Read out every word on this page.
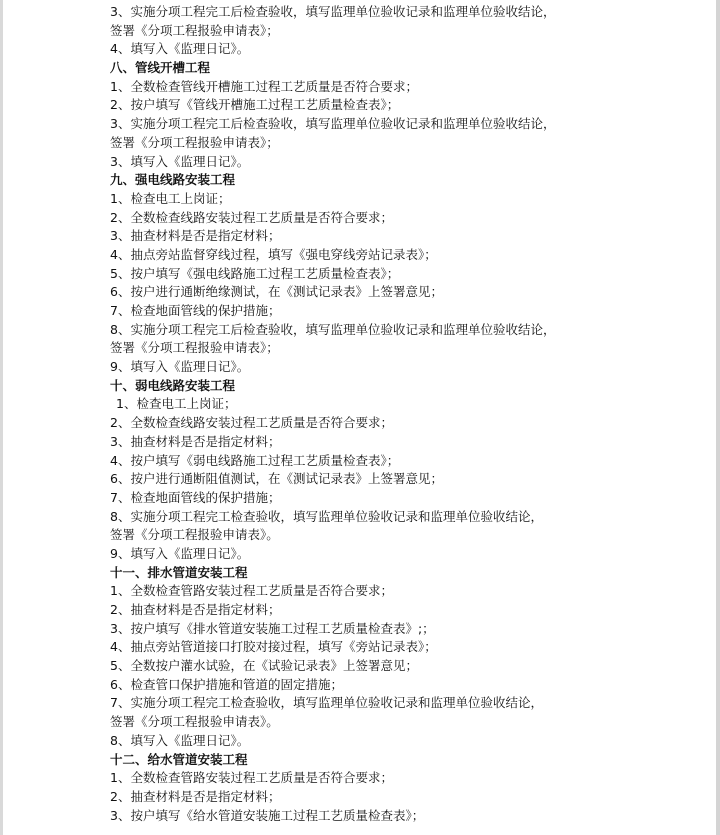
3、实施分项工程完工后检查验收，填写监理单位验收记录和监理单位验收结论，
签署《分项工程报验申请表》；
4、填写入《监理日记》。
八、管线开槽工程
1、全数检查管线开槽施工过程工艺质量是否符合要求；
2、按户填写《管线开槽施工过程工艺质量检查表》；
3、实施分项工程完工后检查验收，填写监理单位验收记录和监理单位验收结论，
签署《分项工程报验申请表》；
3、填写入《监理日记》。
九、强电线路安装工程
1、检查电工上岗证；
2、全数检查线路安装过程工艺质量是否符合要求；
3、抽查材料是否是指定材料；
4、抽点旁站监督穿线过程，填写《强电穿线旁站记录表》；
5、按户填写《强电线路施工过程工艺质量检查表》；
6、按户进行通断绝缘测试，在《测试记录表》上签署意见；
7、检查地面管线的保护措施；
8、实施分项工程完工后检查验收，填写监理单位验收记录和监理单位验收结论，
签署《分项工程报验申请表》；
9、填写入《监理日记》。
十、弱电线路安装工程
1、检查电工上岗证；
2、全数检查线路安装过程工艺质量是否符合要求；
3、抽查材料是否是指定材料；
4、按户填写《弱电线路施工过程工艺质量检查表》；
6、按户进行通断阻值测试，在《测试记录表》上签署意见；
7、检查地面管线的保护措施；
8、实施分项工程完工检查验收，填写监理单位验收记录和监理单位验收结论，
签署《分项工程报验申请表》。
9、填写入《监理日记》。
十一、排水管道安装工程
1、全数检查管路安装过程工艺质量是否符合要求；
2、抽查材料是否是指定材料；
3、按户填写《排水管道安装施工过程工艺质量检查表》;；
4、抽点旁站管道接口打胶对接过程，填写《旁站记录表》；
5、全数按户灌水试验，在《试验记录表》上签署意见；
6、检查管口保护措施和管道的固定措施；
7、实施分项工程完工检查验收，填写监理单位验收记录和监理单位验收结论，
签署《分项工程报验申请表》。
8、填写入《监理日记》。
十二、给水管道安装工程
1、全数检查管路安装过程工艺质量是否符合要求；
2、抽查材料是否是指定材料；
3、按户填写《给水管道安装施工过程工艺质量检查表》；
